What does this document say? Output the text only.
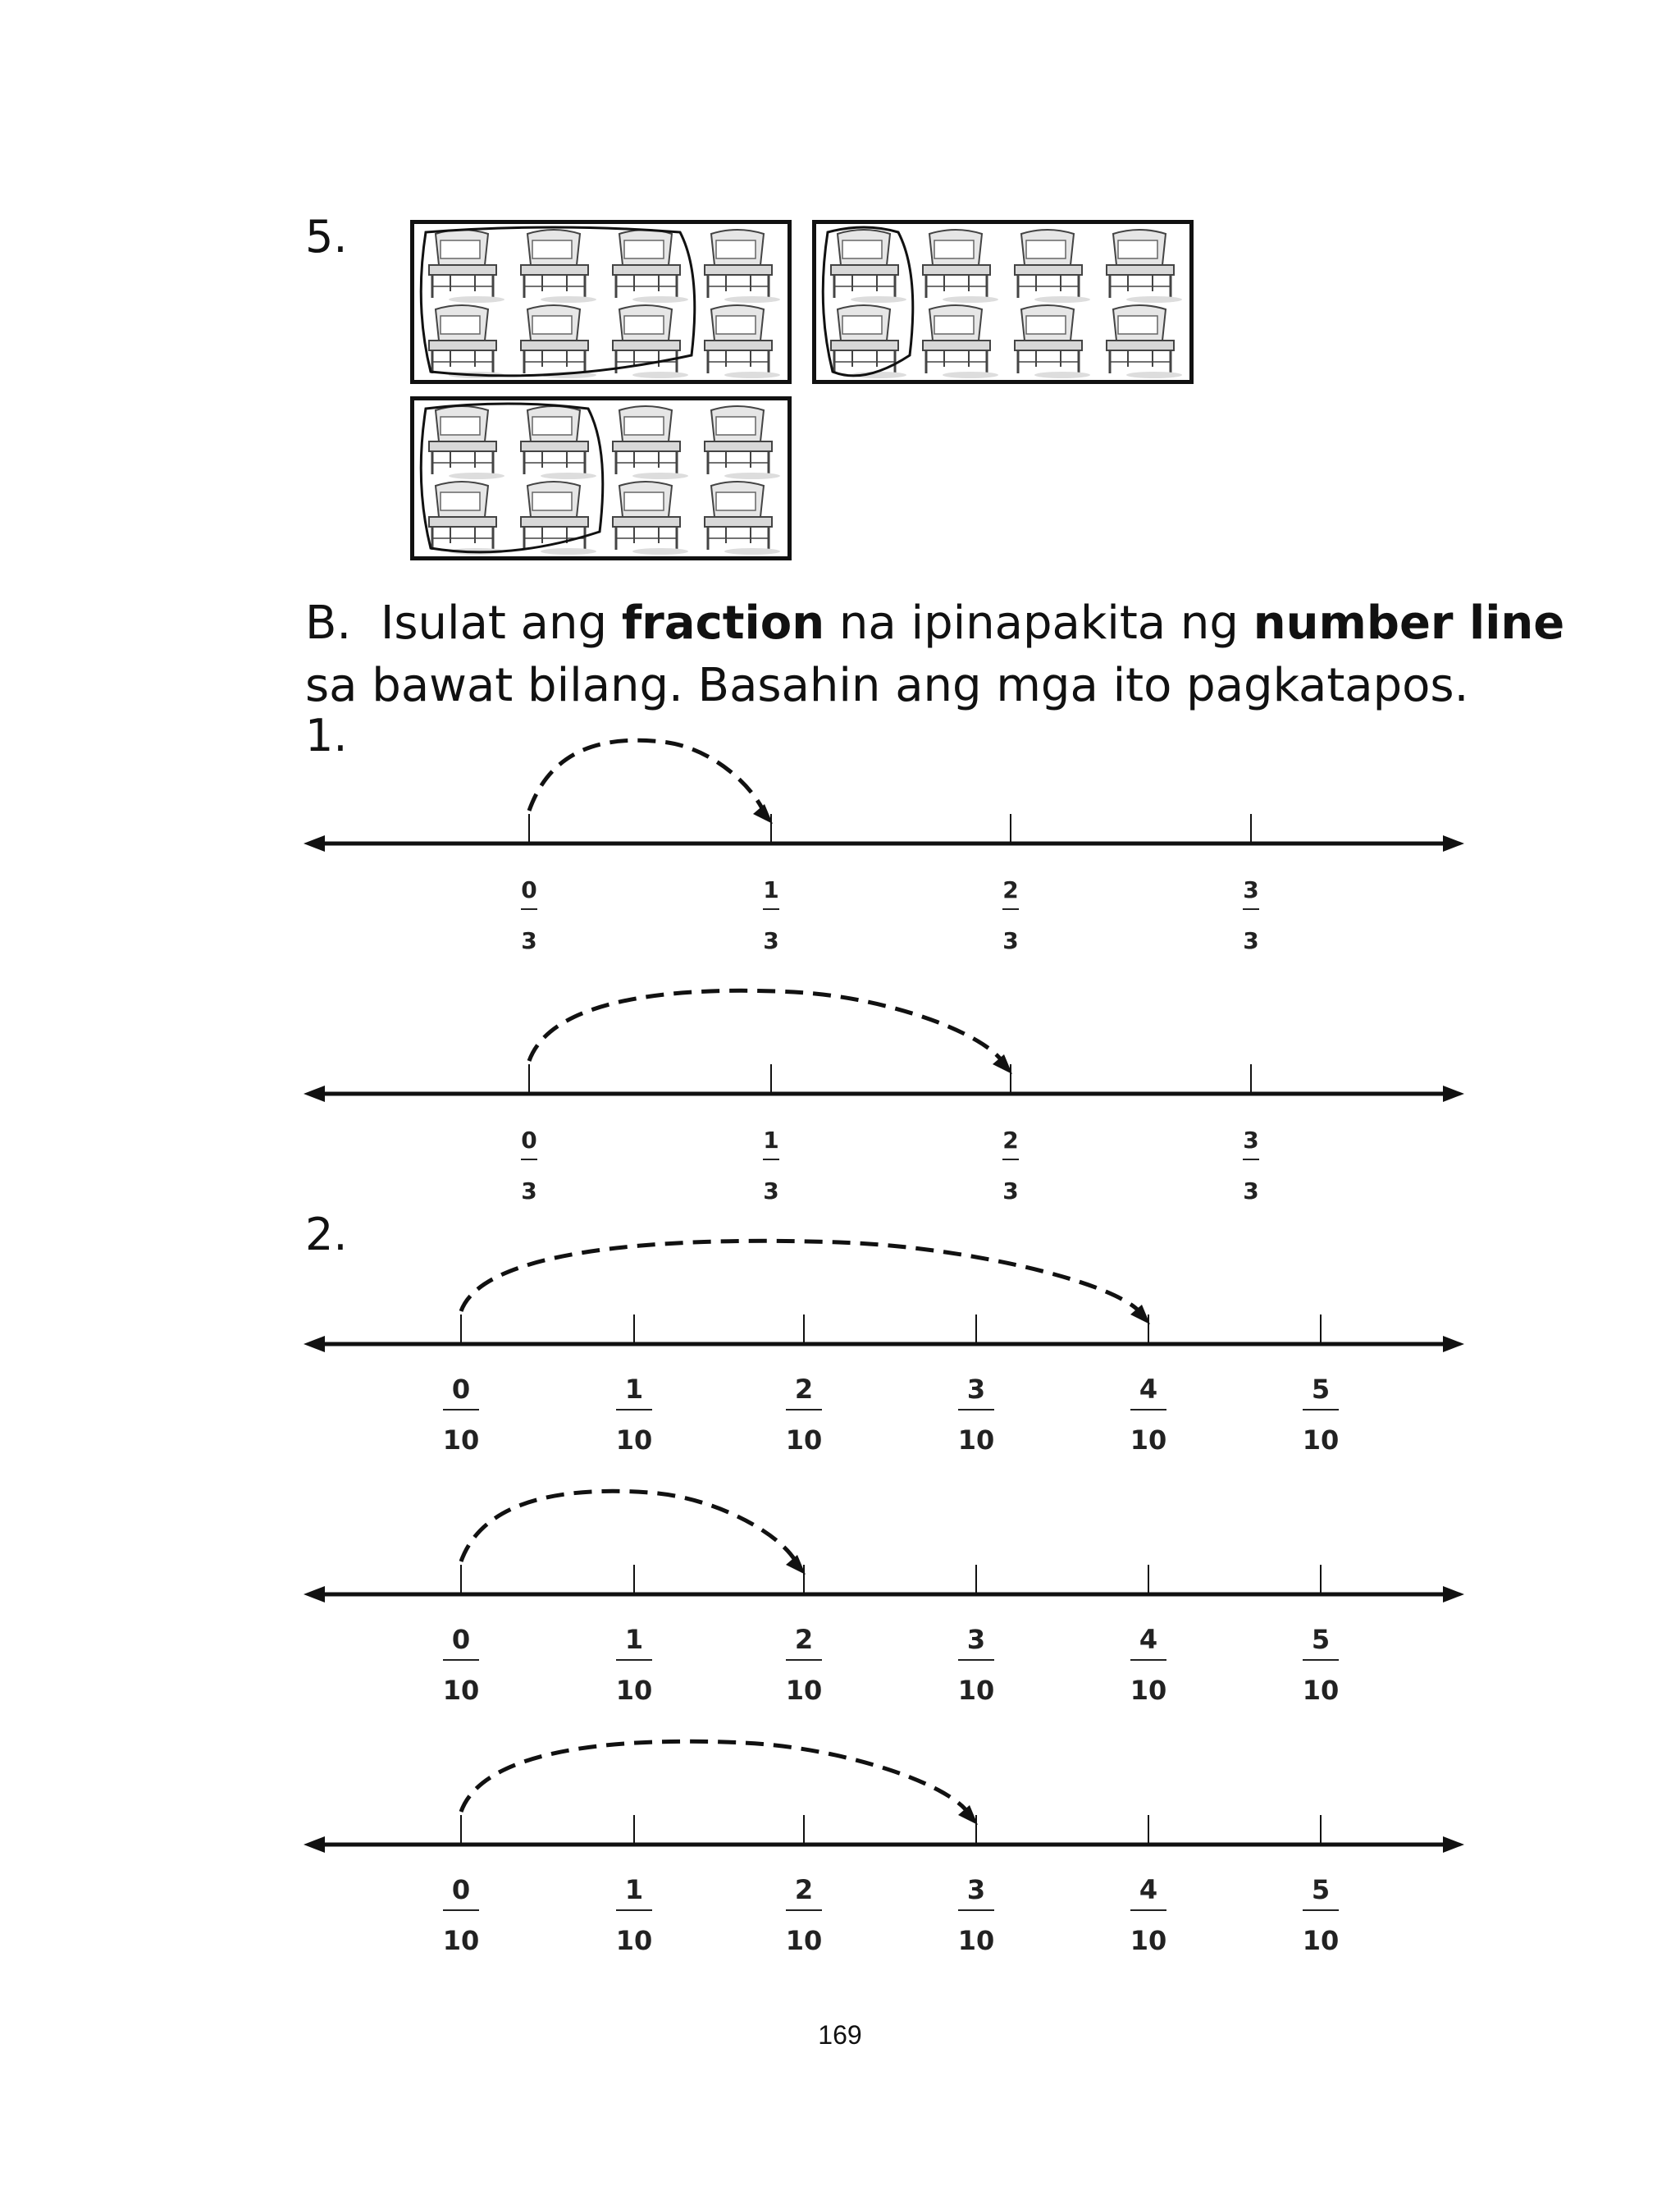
5.
B. Isulat ang fraction na ipinapakita ng number line
sa bawat bilang. Basahin ang mga ito pagkatapos.
1.
2.
0
3
1
3
2
3
3
3
0
3
1
3
2
3
3
3
0
10
1
10
2
10
3
10
4
10
5
10
0
10
1
10
2
10
3
10
4
10
5
10
0
10
1
10
2
10
3
10
4
10
5
10
169
